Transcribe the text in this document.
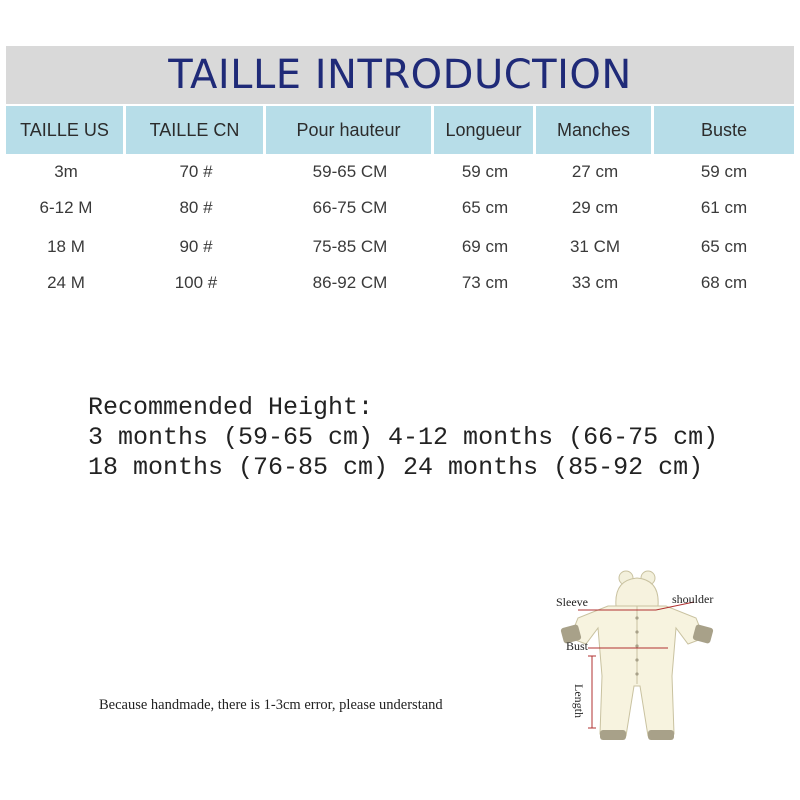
TAILLE INTRODUCTION
TAILLE US	TAILLE CN	Pour hauteur	Longueur	Manches	Buste
3m	70 #	59-65 CM	59 cm	27 cm	59 cm
6-12 M	80 #	66-75 CM	65 cm	29 cm	61 cm
18 M	90 #	75-85 CM	69 cm	31 CM	65 cm
24 M	100 #	86-92 CM	73 cm	33 cm	68 cm
Recommended Height:
3 months (59-65 cm) 4-12 months (66-75 cm)
18 months (76-85 cm) 24 months (85-92 cm)
Because handmade, there is 1-3cm error, please understand
Sleeve	shoulder
Bust
Length
